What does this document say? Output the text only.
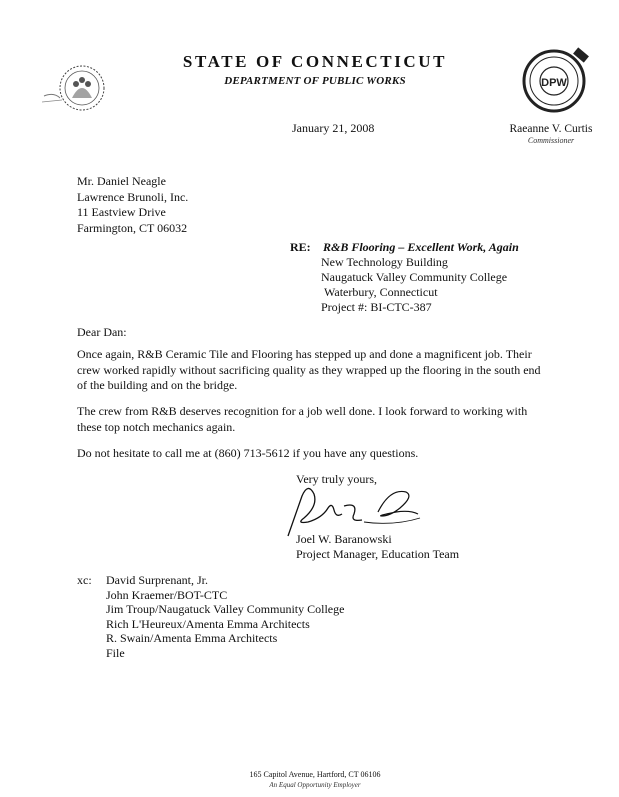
STATE OF CONNECTICUT
DEPARTMENT OF PUBLIC WORKS	DPW
January 21, 2008	Raeanne V. Curtis
Commissioner
Mr. Daniel Neagle
Lawrence Brunoli, Inc.
11 Eastview Drive
Farmington, CT 06032
RE: R&B Flooring – Excellent Work, Again
New Technology Building
Naugatuck Valley Community College
Waterbury, Connecticut
Project #: BI-CTC-387
Dear Dan:
Once again, R&B Ceramic Tile and Flooring has stepped up and done a magnificent job. Their
crew worked rapidly without sacrificing quality as they wrapped up the flooring in the south end
of the building and on the bridge.
The crew from R&B deserves recognition for a job well done. I look forward to working with
these top notch mechanics again.
Do not hesitate to call me at (860) 713-5612 if you have any questions.
Very truly yours,
Joel W. Baranowski
Project Manager, Education Team
xc: David Surprenant, Jr.
John Kraemer/BOT-CTC
Jim Troup/Naugatuck Valley Community College
Rich L'Heureux/Amenta Emma Architects
R. Swain/Amenta Emma Architects
File
165 Capitol Avenue, Hartford, CT 06106
An Equal Opportunity Employer
